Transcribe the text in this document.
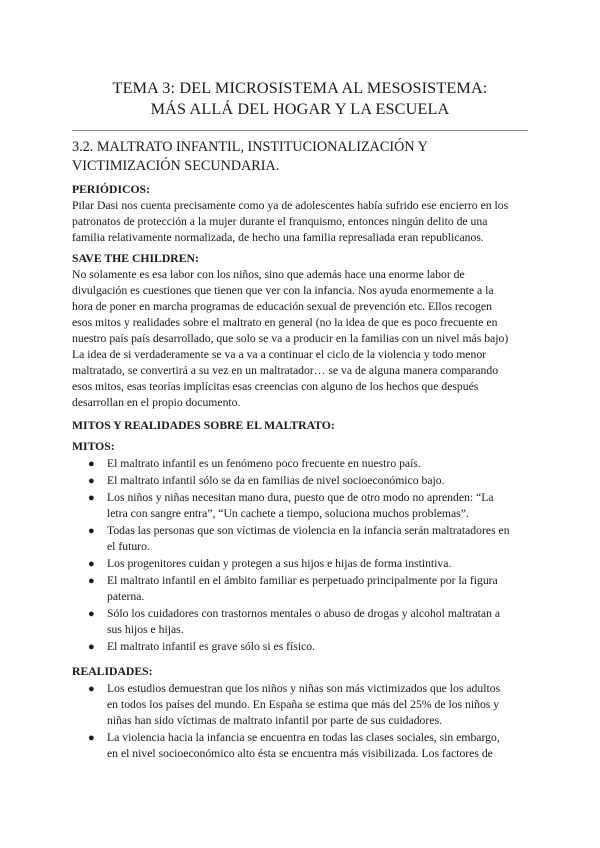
TEMA 3: DEL MICROSISTEMA AL MESOSISTEMA:
MÁS ALLÁ DEL HOGAR Y LA ESCUELA
3.2. MALTRATO INFANTIL, INSTITUCIONALIZACIÓN Y
VICTIMIZACIÓN SECUNDARIA.

PERIÓDICOS:

Pilar Dasi nos cuenta precisamente como ya de adolescentes había sufrido ese encierro en los
patronatos de protección a la mujer durante el franquismo, entonces ningún delito de una
familia relativamente normalizada, de hecho una familia represaliada eran republicanos.

SAVE THE CHILDREN:

No solamente es esa labor con los niños, sino que además hace una enorme labor de
divulgación es cuestiones que tienen que ver con la infancia. Nos ayuda enormemente a la
hora de poner en marcha programas de educación sexual de prevención etc. Ellos recogen
esos mitos y realidades sobre el maltrato en general (no la idea de que es poco frecuente en
nuestro país país desarrollado, que solo se va a producir en la familias con un nivel más bajo)
La idea de si verdaderamente se va a va a continuar el ciclo de la violencia y todo menor
maltratado, se convertirá a su vez en un maltratador… se va de alguna manera comparando
esos mitos, esas teorías implícitas esas creencias con alguno de los hechos que después
desarrollan en el propio documento.

MITOS Y REALIDADES SOBRE EL MALTRATO:

MITOS:

● El maltrato infantil es un fenómeno poco frecuente en nuestro país.
● El maltrato infantil sólo se da en familias de nivel socioeconómico bajo.
● Los niños y niñas necesitan mano dura, puesto que de otro modo no aprenden: “La
letra con sangre entra”, “Un cachete a tiempo, soluciona muchos problemas”.
● Todas las personas que son víctimas de violencia en la infancia serán maltratadores en
el futuro.
● Los progenitores cuidan y protegen a sus hijos e hijas de forma instintiva.
● El maltrato infantil en el ámbito familiar es perpetuado principalmente por la figura
paterna.
● Sólo los cuidadores con trastornos mentales o abuso de drogas y alcohol maltratan a
sus hijos e hijas.
● El maltrato infantil es grave sólo si es físico.

REALIDADES:

● Los estudios demuestran que los niños y niñas son más victimizados que los adultos
en todos los países del mundo. En España se estima que más del 25% de los niños y
niñas han sido víctimas de maltrato infantil por parte de sus cuidadores.
● La violencia hacia la infancia se encuentra en todas las clases sociales, sin embargo,
en el nivel socioeconómico alto ésta se encuentra más visibilizada. Los factores de
